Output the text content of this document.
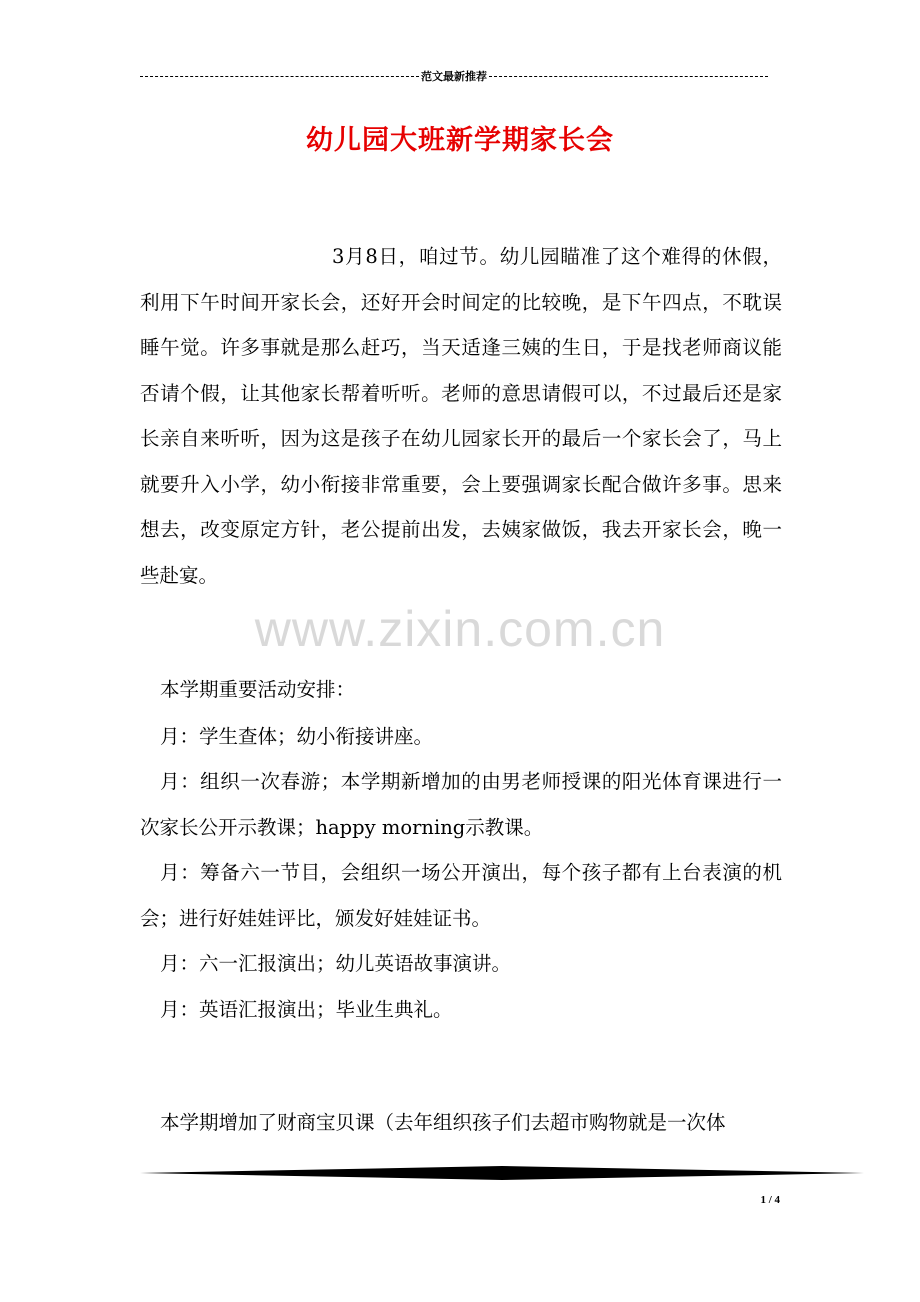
范文最新推荐
幼儿园大班新学期家长会
www.zixin.com.cn

3月8日，咱过节。幼儿园瞄准了这个难得的休假，利用下午时间开家长会，还好开会时间定的比较晚，是下午四点，不耽误睡午觉。许多事就是那么赶巧，当天适逢三姨的生日，于是找老师商议能否请个假，让其他家长帮着听听。老师的意思请假可以，不过最后还是家长亲自来听听，因为这是孩子在幼儿园家长开的最后一个家长会了，马上就要升入小学，幼小衔接非常重要，会上要强调家长配合做许多事。思来想去，改变原定方针，老公提前出发，去姨家做饭，我去开家长会，晚一些赴宴。

本学期重要活动安排：

月：学生查体；幼小衔接讲座。

月：组织一次春游；本学期新增加的由男老师授课的阳光体育课进行一次家长公开示教课；happy morning示教课。

月：筹备六一节目，会组织一场公开演出，每个孩子都有上台表演的机会；进行好娃娃评比，颁发好娃娃证书。

月：六一汇报演出；幼儿英语故事演讲。

月：英语汇报演出；毕业生典礼。

本学期增加了财商宝贝课（去年组织孩子们去超市购物就是一次体

1 / 4
